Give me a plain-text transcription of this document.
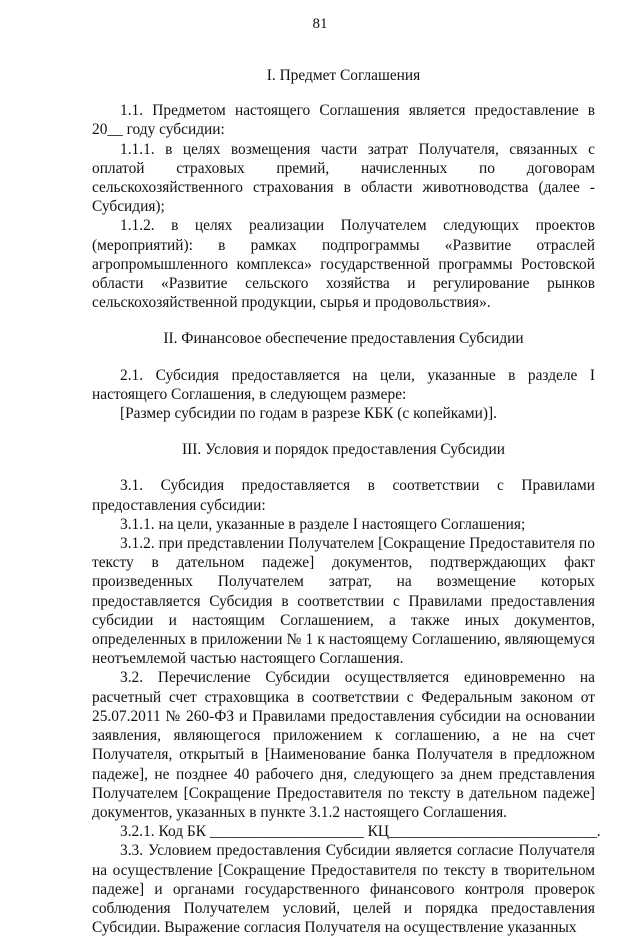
81
I. Предмет Соглашения

1.1. Предметом настоящего Соглашения является предоставление в 20__ году субсидии:

1.1.1. в целях возмещения части затрат Получателя, связанных с оплатой страховых премий, начисленных по договорам сельскохозяйственного страхования в области животноводства (далее - Субсидия);

1.1.2. в целях реализации Получателем следующих проектов (мероприятий): в рамках подпрограммы «Развитие отраслей агропромышленного комплекса» государственной программы Ростовской области «Развитие сельского хозяйства и регулирование рынков сельскохозяйственной продукции, сырья и продовольствия».

II. Финансовое обеспечение предоставления Субсидии

2.1. Субсидия предоставляется на цели, указанные в разделе I настоящего Соглашения, в следующем размере:

[Размер субсидии по годам в разрезе КБК (с копейками)].

III. Условия и порядок предоставления Субсидии

3.1. Субсидия предоставляется в соответствии с Правилами предоставления субсидии:

3.1.1. на цели, указанные в разделе I настоящего Соглашения;

3.1.2. при представлении Получателем [Сокращение Предоставителя по тексту в дательном падеже] документов, подтверждающих факт произведенных Получателем затрат, на возмещение которых предоставляется Субсидия в соответствии с Правилами предоставления субсидии и настоящим Соглашением, а также иных документов, определенных в приложении № 1 к настоящему Соглашению, являющемуся неотъемлемой частью настоящего Соглашения.

3.2. Перечисление Субсидии осуществляется единовременно на расчетный счет страховщика в соответствии с Федеральным законом от 25.07.2011 № 260-ФЗ и Правилами предоставления субсидии на основании заявления, являющегося приложением к соглашению, а не на счет Получателя, открытый в [Наименование банка Получателя в предложном падеже], не позднее 40 рабочего дня, следующего за днем представления Получателем [Сокращение Предоставителя по тексту в дательном падеже] документов, указанных в пункте 3.1.2 настоящего Соглашения.

3.2.1. Код БК ____________________ КЦ___________________________.

3.3. Условием предоставления Субсидии является согласие Получателя на осуществление [Сокращение Предоставителя по тексту в творительном падеже] и органами государственного финансового контроля проверок соблюдения Получателем условий, целей и порядка предоставления Субсидии. Выражение согласия Получателя на осуществление указанных
